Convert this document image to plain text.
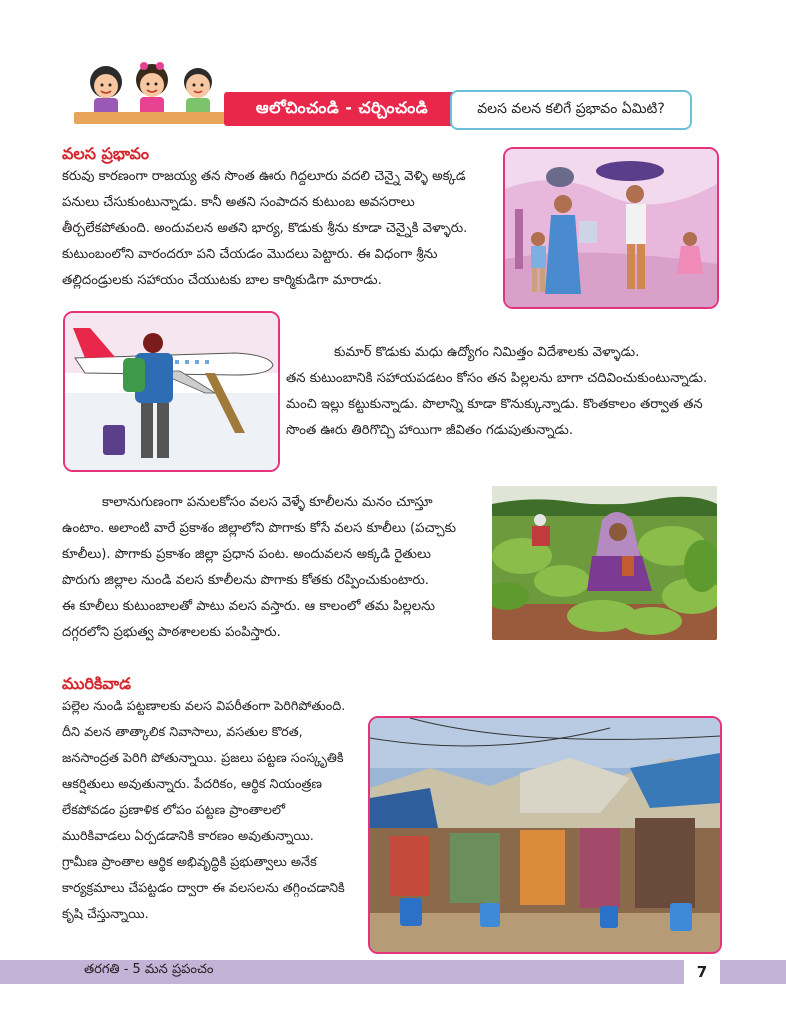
ఆలోచించండి - చర్చించండి	వలస వలన కలిగే ప్రభావం ఏమిటి?
వలస ప్రభావం

కరువు కారణంగా రాజయ్య తన సొంత ఊరు గిద్దలూరు వదలి చెన్నై వెళ్ళి అక్కడ

పనులు చేసుకుంటున్నాడు. కానీ అతని సంపాదన కుటుంబ అవసరాలు

తీర్చలేకపోతుంది. అందువలన అతని భార్య, కొడుకు శ్రీను కూడా చెన్నైకి వెళ్ళారు.

కుటుంబంలోని వారందరూ పని చేయడం మొదలు పెట్టారు. ఈ విధంగా శ్రీను

తల్లిదండ్రులకు సహాయం చేయుటకు బాల కార్మికుడిగా మారాడు.

కుమార్ కొడుకు మధు ఉద్యోగం నిమిత్తం విదేశాలకు వెళ్ళాడు.

తన కుటుంబానికి సహాయపడటం కోసం తన పిల్లలను బాగా చదివించుకుంటున్నాడు.

మంచి ఇల్లు కట్టుకున్నాడు. పొలాన్ని కూడా కొనుక్కున్నాడు. కొంతకాలం తర్వాత తన

సొంత ఊరు తిరిగొచ్చి హాయిగా జీవితం గడుపుతున్నాడు.

కాలానుగుణంగా పనులకోసం వలస వెళ్ళే కూలీలను మనం చూస్తూ

ఉంటాం. అలాంటి వారే ప్రకాశం జిల్లాలోని పొగాకు కోసే వలస కూలీలు (పచ్చాకు

కూలీలు). పొగాకు ప్రకాశం జిల్లా ప్రధాన పంట. అందువలన అక్కడి రైతులు

పొరుగు జిల్లాల నుండి వలస కూలీలను పొగాకు కోతకు రప్పించుకుంటారు.

ఈ కూలీలు కుటుంబాలతో పాటు వలస వస్తారు. ఆ కాలంలో తమ పిల్లలను

దగ్గరలోని ప్రభుత్వ పాఠశాలలకు పంపిస్తారు.

మురికివాడ

పల్లెల నుండి పట్టణాలకు వలస విపరీతంగా పెరిగిపోతుంది.

దీని వలన తాత్కాలిక నివాసాలు, వసతుల కొరత,

జనసాంద్రత పెరిగి పోతున్నాయి. ప్రజలు పట్టణ సంస్కృతికి

ఆకర్షితులు అవుతున్నారు. పేదరికం, ఆర్థిక నియంత్రణ

లేకపోవడం ప్రణాళిక లోపం పట్టణ ప్రాంతాలలో

మురికివాడలు ఏర్పడడానికి కారణం అవుతున్నాయి.

గ్రామీణ ప్రాంతాల ఆర్థిక అభివృద్ధికి ప్రభుత్వాలు అనేక

కార్యక్రమాలు చేపట్టడం ద్వారా ఈ వలసలను తగ్గించడానికి

కృషి చేస్తున్నాయి.

తరగతి - 5 మన ప్రపంచం	7
